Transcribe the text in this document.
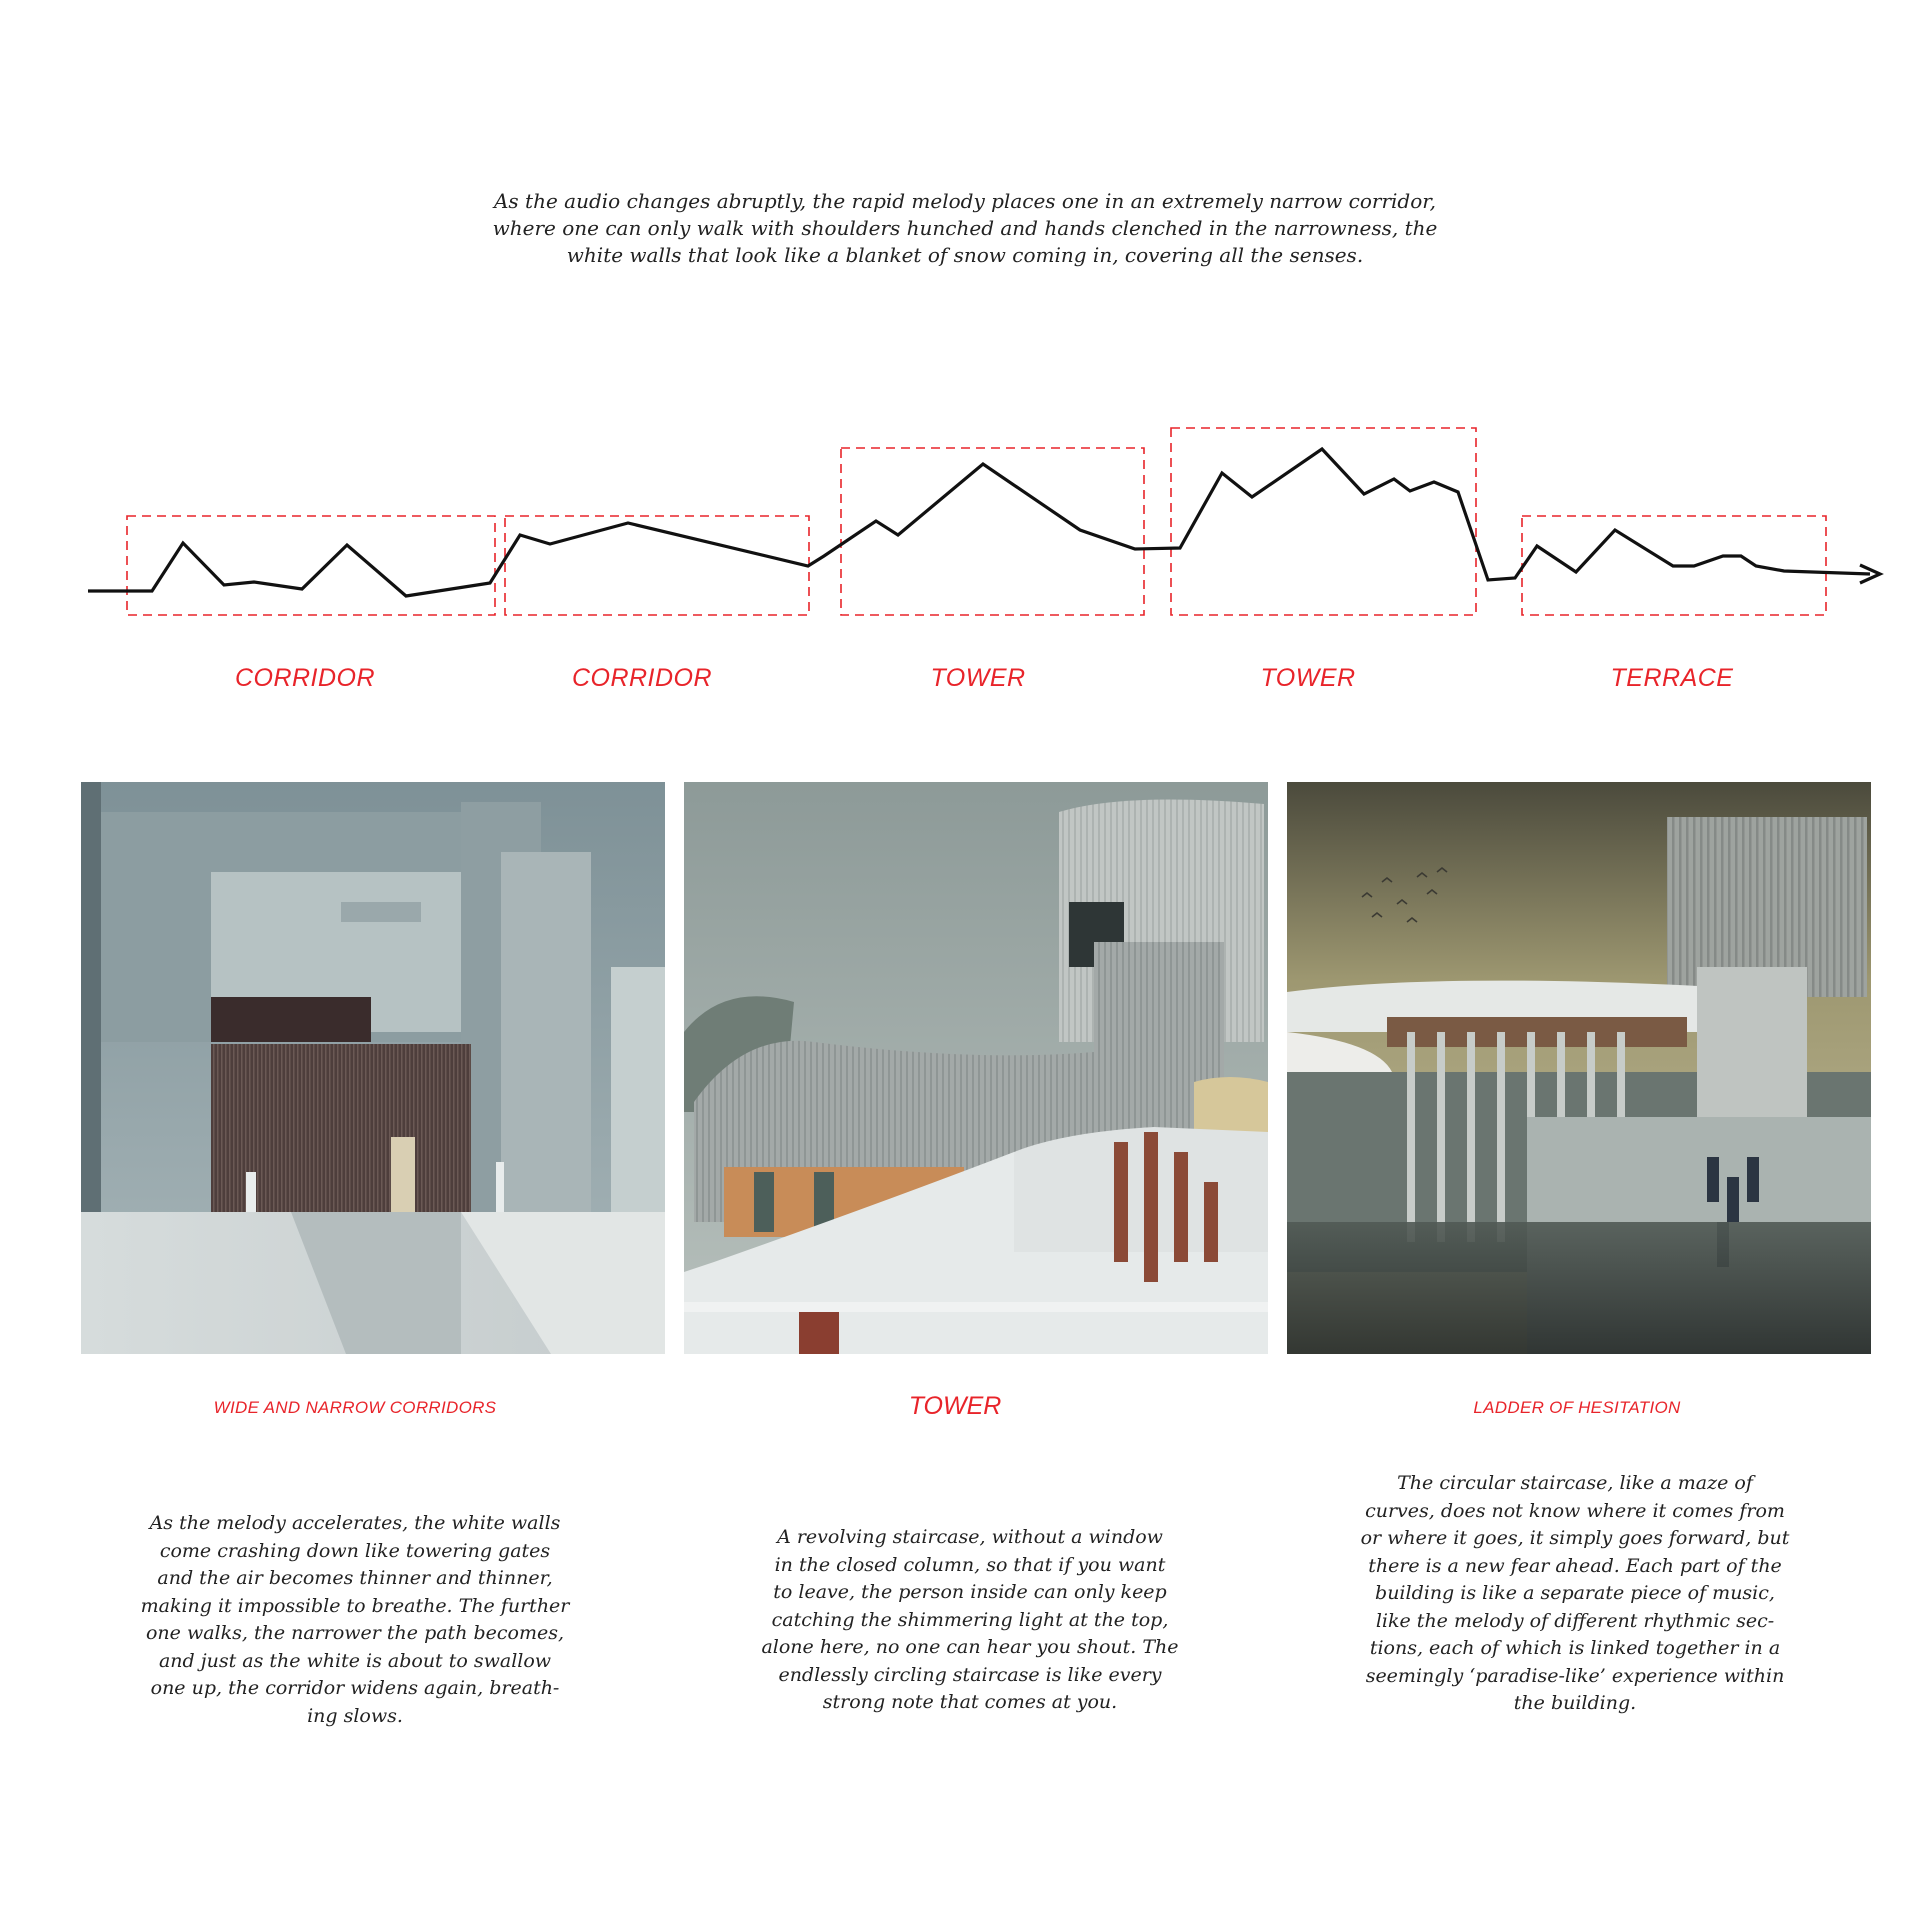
As the audio changes abruptly, the rapid melody places one in an extremely narrow corridor,
where one can only walk with shoulders hunched and hands clenched in the narrowness, the
white walls that look like a blanket of snow coming in, covering all the senses.
CORRIDOR	CORRIDOR	TOWER	TOWER	TERRACE
WIDE AND NARROW CORRIDORS	TOWER	LADDER OF HESITATION
As the melody accelerates, the white walls
come crashing down like towering gates
and the air becomes thinner and thinner,
making it impossible to breathe. The further
one walks, the narrower the path becomes,
and just as the white is about to swallow
one up, the corridor widens again, breath-
ing slows.
A revolving staircase, without a window
in the closed column, so that if you want
to leave, the person inside can only keep
catching the shimmering light at the top,
alone here, no one can hear you shout. The
endlessly circling staircase is like every
strong note that comes at you.
The circular staircase, like a maze of
curves, does not know where it comes from
or where it goes, it simply goes forward, but
there is a new fear ahead. Each part of the
building is like a separate piece of music,
like the melody of different rhythmic sec-
tions, each of which is linked together in a
seemingly ‘paradise-like’ experience within
the building.
